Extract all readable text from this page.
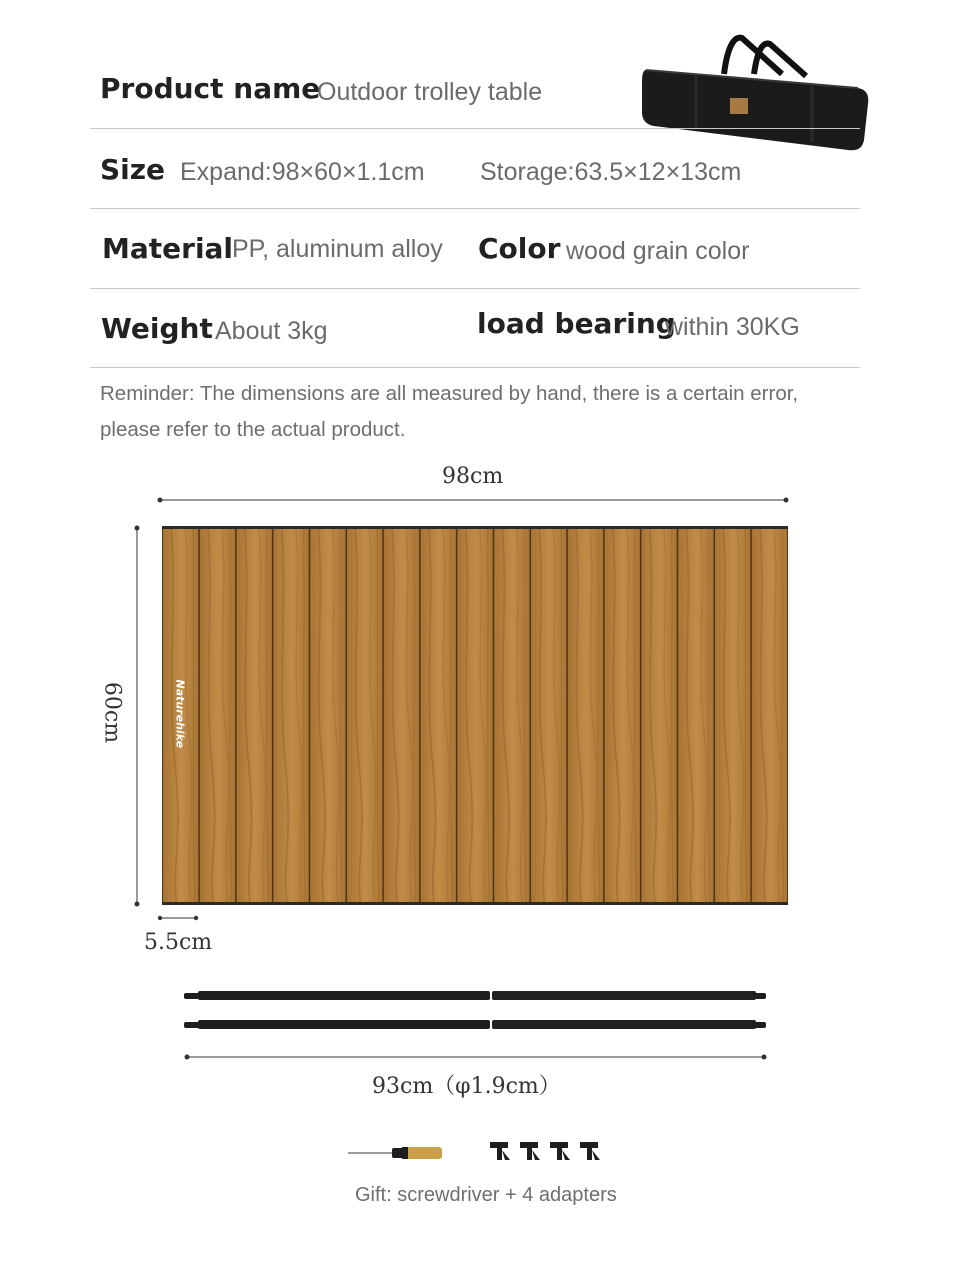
Product name
Outdoor trolley table
Size Expand:98×60×1.1cm Storage:63.5×12×13cm
Material
PP, aluminum alloy Color wood grain color
Weight About 3kg	load bearing
within 30KG
Reminder: The dimensions are all measured by hand, there is a certain error,
please refer to the actual product.
98cm
60cm	Naturehike
5.5cm
93cm（φ1.9cm）
Gift: screwdriver + 4 adapters
